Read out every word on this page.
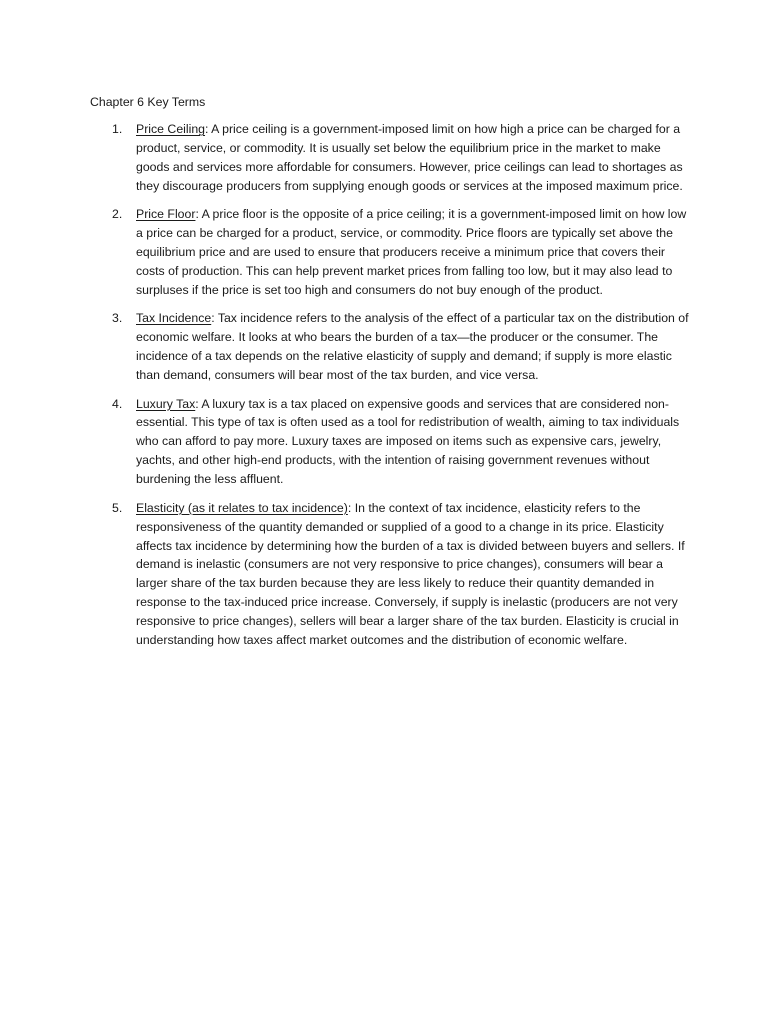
Chapter 6 Key Terms
1.	Price Ceiling: A price ceiling is a government-imposed limit on how high a price can be charged for a product, service, or commodity. It is usually set below the equilibrium price in the market to make goods and services more affordable for consumers. However, price ceilings can lead to shortages as they discourage producers from supplying enough goods or services at the imposed maximum price.

2.	Price Floor: A price floor is the opposite of a price ceiling; it is a government-imposed limit on how low a price can be charged for a product, service, or commodity. Price floors are typically set above the equilibrium price and are used to ensure that producers receive a minimum price that covers their costs of production. This can help prevent market prices from falling too low, but it may also lead to surpluses if the price is set too high and consumers do not buy enough of the product.

3.	Tax Incidence: Tax incidence refers to the analysis of the effect of a particular tax on the distribution of economic welfare. It looks at who bears the burden of a tax—the producer or the consumer. The incidence of a tax depends on the relative elasticity of supply and demand; if supply is more elastic than demand, consumers will bear most of the tax burden, and vice versa.

4.	Luxury Tax: A luxury tax is a tax placed on expensive goods and services that are considered non-essential. This type of tax is often used as a tool for redistribution of wealth, aiming to tax individuals who can afford to pay more. Luxury taxes are imposed on items such as expensive cars, jewelry, yachts, and other high-end products, with the intention of raising government revenues without burdening the less affluent.

5.	Elasticity (as it relates to tax incidence): In the context of tax incidence, elasticity refers to the responsiveness of the quantity demanded or supplied of a good to a change in its price. Elasticity affects tax incidence by determining how the burden of a tax is divided between buyers and sellers. If demand is inelastic (consumers are not very responsive to price changes), consumers will bear a larger share of the tax burden because they are less likely to reduce their quantity demanded in response to the tax-induced price increase. Conversely, if supply is inelastic (producers are not very responsive to price changes), sellers will bear a larger share of the tax burden. Elasticity is crucial in understanding how taxes affect market outcomes and the distribution of economic welfare.
